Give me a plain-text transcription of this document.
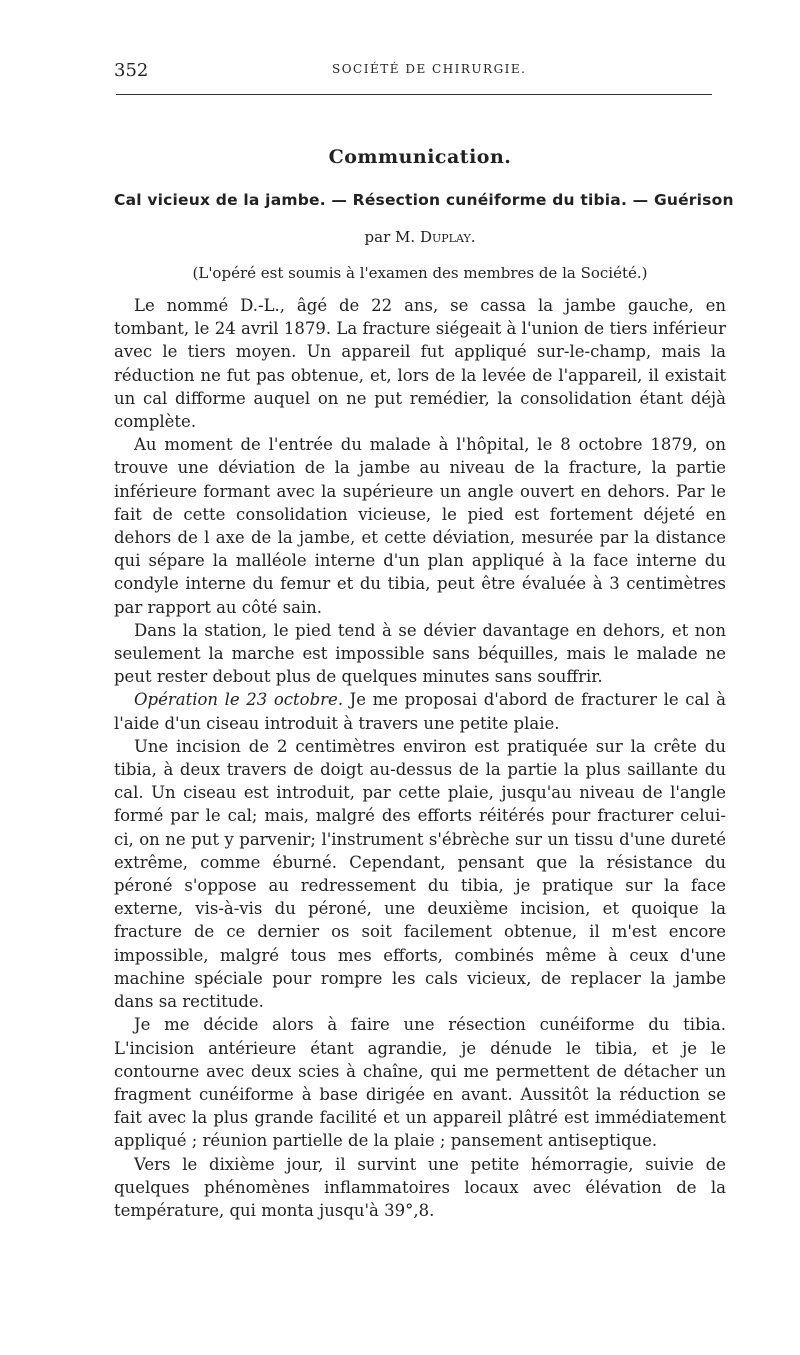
352	SOCIÉTÉ DE CHIRURGIE.
Communication.
Cal vicieux de la jambe. — Résection cunéiforme du tibia. — Guérison
par M. Duplay.
(L'opéré est soumis à l'examen des membres de la Société.)

Le nommé D.-L., âgé de 22 ans, se cassa la jambe gauche, en tombant, le 24 avril 1879. La fracture siégeait à l'union de tiers inférieur avec le tiers moyen. Un appareil fut appliqué sur-le-champ, mais la réduction ne fut pas obtenue, et, lors de la levée de l'appareil, il existait un cal difforme auquel on ne put remédier, la consolidation étant déjà complète.

Au moment de l'entrée du malade à l'hôpital, le 8 octobre 1879, on trouve une déviation de la jambe au niveau de la fracture, la partie inférieure formant avec la supérieure un angle ouvert en dehors. Par le fait de cette consolidation vicieuse, le pied est fortement déjeté en dehors de l axe de la jambe, et cette déviation, mesurée par la distance qui sépare la malléole interne d'un plan appliqué à la face interne du condyle interne du femur et du tibia, peut être évaluée à 3 centimètres par rapport au côté sain.

Dans la station, le pied tend à se dévier davantage en dehors, et non seulement la marche est impossible sans béquilles, mais le malade ne peut rester debout plus de quelques minutes sans souffrir.

Opération le 23 octobre. Je me proposai d'abord de fracturer le cal à l'aide d'un ciseau introduit à travers une petite plaie.

Une incision de 2 centimètres environ est pratiquée sur la crête du tibia, à deux travers de doigt au-dessus de la partie la plus saillante du cal. Un ciseau est introduit, par cette plaie, jusqu'au niveau de l'angle formé par le cal; mais, malgré des efforts réitérés pour fracturer celui-ci, on ne put y parvenir; l'instrument s'ébrèche sur un tissu d'une dureté extrême, comme éburné. Cependant, pensant que la résistance du péroné s'oppose au redressement du tibia, je pratique sur la face externe, vis-à-vis du péroné, une deuxième incision, et quoique la fracture de ce dernier os soit facilement obtenue, il m'est encore impossible, malgré tous mes efforts, combinés même à ceux d'une machine spéciale pour rompre les cals vicieux, de replacer la jambe dans sa rectitude.

Je me décide alors à faire une résection cunéiforme du tibia. L'incision antérieure étant agrandie, je dénude le tibia, et je le contourne avec deux scies à chaîne, qui me permettent de détacher un fragment cunéiforme à base dirigée en avant. Aussitôt la réduction se fait avec la plus grande facilité et un appareil plâtré est immédiatement appliqué ; réunion partielle de la plaie ; pansement antiseptique.

Vers le dixième jour, il survint une petite hémorragie, suivie de quelques phénomènes inflammatoires locaux avec élévation de la température, qui monta jusqu'à 39°,8.
